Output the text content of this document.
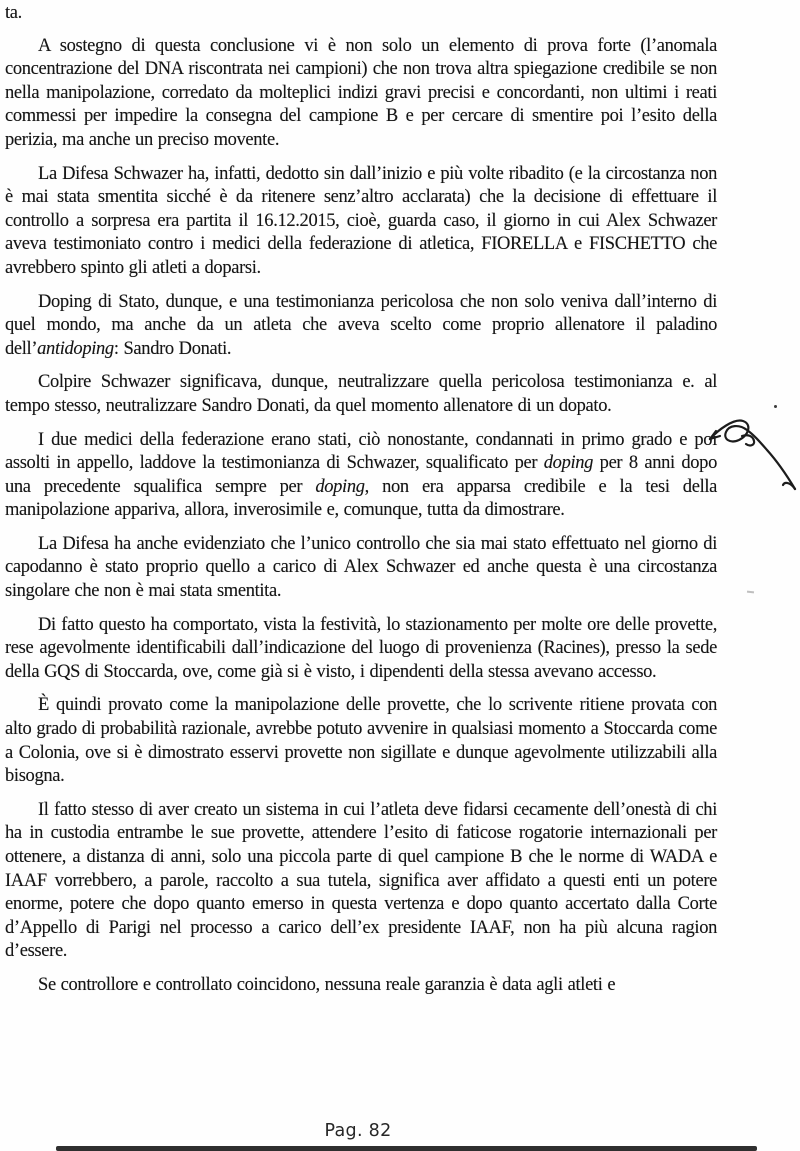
ta.

A sostegno di questa conclusione vi è non solo un elemento di prova forte (l’anomala concentrazione del DNA riscontrata nei campioni) che non trova altra spiegazione credibile se non nella manipolazione, corredato da molteplici indizi gravi precisi e concordanti, non ultimi i reati commessi per impedire la consegna del campione B e per cercare di smentire poi l’esito della perizia, ma anche un preciso movente.

La Difesa Schwazer ha, infatti, dedotto sin dall’inizio e più volte ribadito (e la circostanza non è mai stata smentita sicché è da ritenere senz’altro acclarata) che la decisione di effettuare il controllo a sorpresa era partita il 16.12.2015, cioè, guarda caso, il giorno in cui Alex Schwazer aveva testimoniato contro i medici della federazione di atletica, FIORELLA e FISCHETTO che avrebbero spinto gli atleti a doparsi.

Doping di Stato, dunque, e una testimonianza pericolosa che non solo veniva dall’interno di quel mondo, ma anche da un atleta che aveva scelto come proprio allenatore il paladino dell’antidoping: Sandro Donati.

Colpire Schwazer significava, dunque, neutralizzare quella pericolosa testimonianza e. al tempo stesso, neutralizzare Sandro Donati, da quel momento allenatore di un dopato.

I due medici della federazione erano stati, ciò nonostante, condannati in primo grado e poi assolti in appello, laddove la testimonianza di Schwazer, squalificato per doping per 8 anni dopo una precedente squalifica sempre per doping, non era apparsa credibile e la tesi della manipolazione appariva, allora, inverosimile e, comunque, tutta da dimostrare.

La Difesa ha anche evidenziato che l’unico controllo che sia mai stato effettuato nel giorno di capodanno è stato proprio quello a carico di Alex Schwazer ed anche questa è una circostanza singolare che non è mai stata smentita.

Di fatto questo ha comportato, vista la festività, lo stazionamento per molte ore delle provette, rese agevolmente identificabili dall’indicazione del luogo di provenienza (Racines), presso la sede della GQS di Stoccarda, ove, come già si è visto, i dipendenti della stessa avevano accesso.

È quindi provato come la manipolazione delle provette, che lo scrivente ritiene provata con alto grado di probabilità razionale, avrebbe potuto avvenire in qualsiasi momento a Stoccarda come a Colonia, ove si è dimostrato esservi provette non sigillate e dunque agevolmente utilizzabili alla bisogna.

Il fatto stesso di aver creato un sistema in cui l’atleta deve fidarsi cecamente dell’onestà di chi ha in custodia entrambe le sue provette, attendere l’esito di faticose rogatorie internazionali per ottenere, a distanza di anni, solo una piccola parte di quel campione B che le norme di WADA e IAAF vorrebbero, a parole, raccolto a sua tutela, significa aver affidato a questi enti un potere enorme, potere che dopo quanto emerso in questa vertenza e dopo quanto accertato dalla Corte d’Appello di Parigi nel processo a carico dell’ex presidente IAAF, non ha più alcuna ragion d’essere.

Se controllore e controllato coincidono, nessuna reale garanzia è data agli atleti e

Pag. 82
